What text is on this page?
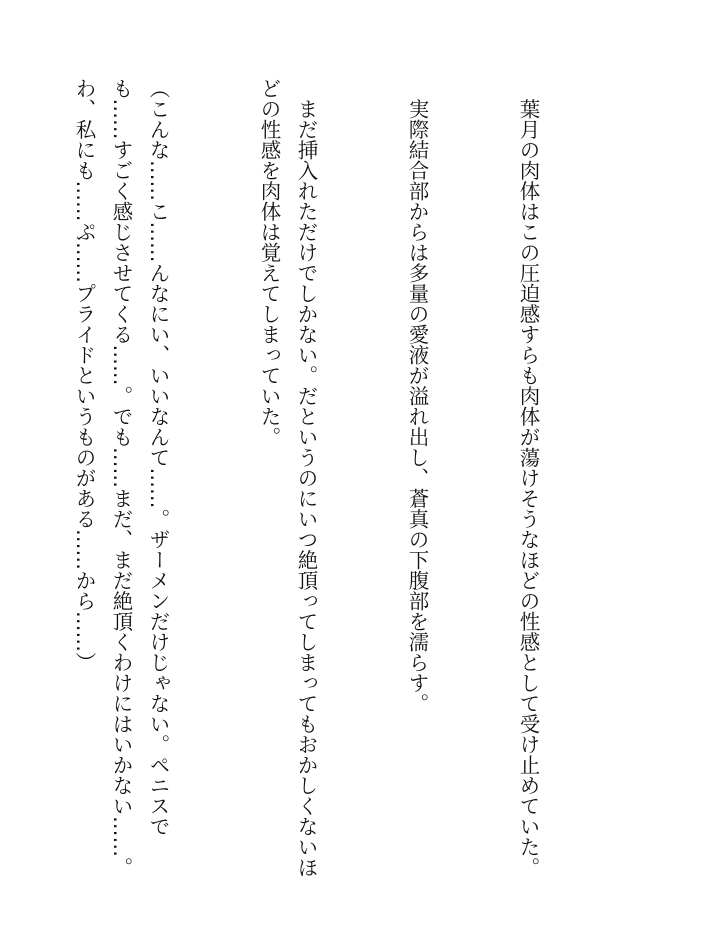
　葉月の肉体はこの圧迫感すらも肉体が蕩けそうなほどの性感として受け止めていた。

　実際結合部からは多量の愛液が溢れ出し、蒼真の下腹部を濡らす。

　まだ挿入れただけでしかない。だというのにいつ絶頂ってしまってもおかしくないほどの性感を肉体は覚えてしまっていた。

（こんな……こ……んなにい、いいなんて……。ザーメンだけじゃない。ペニスでも……すごく感じさせてくる……。でも……まだ、まだ絶頂くわけにはいかない……。わ、私にも……ぷ……プライドというものがある……から……）
